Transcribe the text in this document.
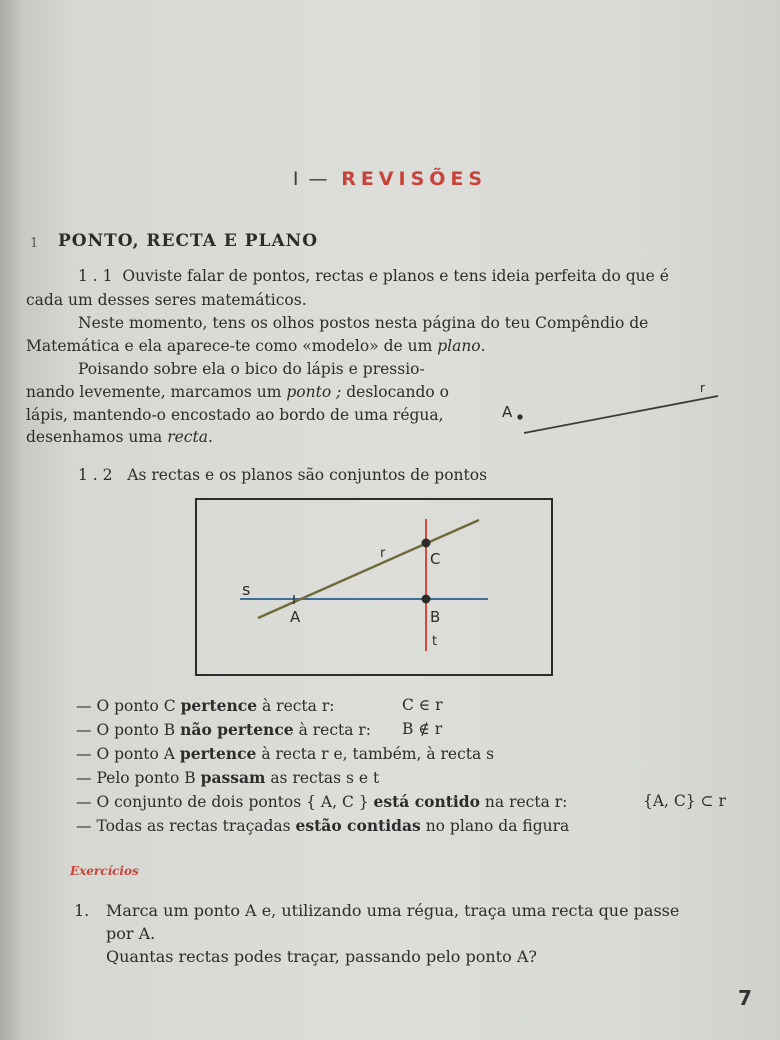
I — REVISÕES
1 PONTO, RECTA E PLANO
1 . 1 Ouviste falar de pontos, rectas e planos e tens ideia perfeita do que é
cada um desses seres matemáticos.
Neste momento, tens os olhos postos nesta página do teu Compêndio de
Matemática e ela aparece-te como «modelo» de um plano.
Poisando sobre ela o bico do lápis e pressio-
nando levemente, marcamos um ponto ; deslocando o
lápis, mantendo-o encostado ao bordo de uma régua,
desenhamos uma recta.
A
r
1 . 2 As rectas e os planos são conjuntos de pontos
s
r
A	B
C
t
— O ponto C pertence à recta r:	C ∈ r
— O ponto B não pertence à recta r: B ∉ r
— O ponto A pertence à recta r e, também, à recta s
— Pelo ponto B passam as rectas s e t
— O conjunto de dois pontos { A, C } está contido na recta r:	{A, C} ⊂ r
— Todas as rectas traçadas estão contidas no plano da figura
Exercícios
1. Marca um ponto A e, utilizando uma régua, traça uma recta que passe
por A.
Quantas rectas podes traçar, passando pelo ponto A?
7
